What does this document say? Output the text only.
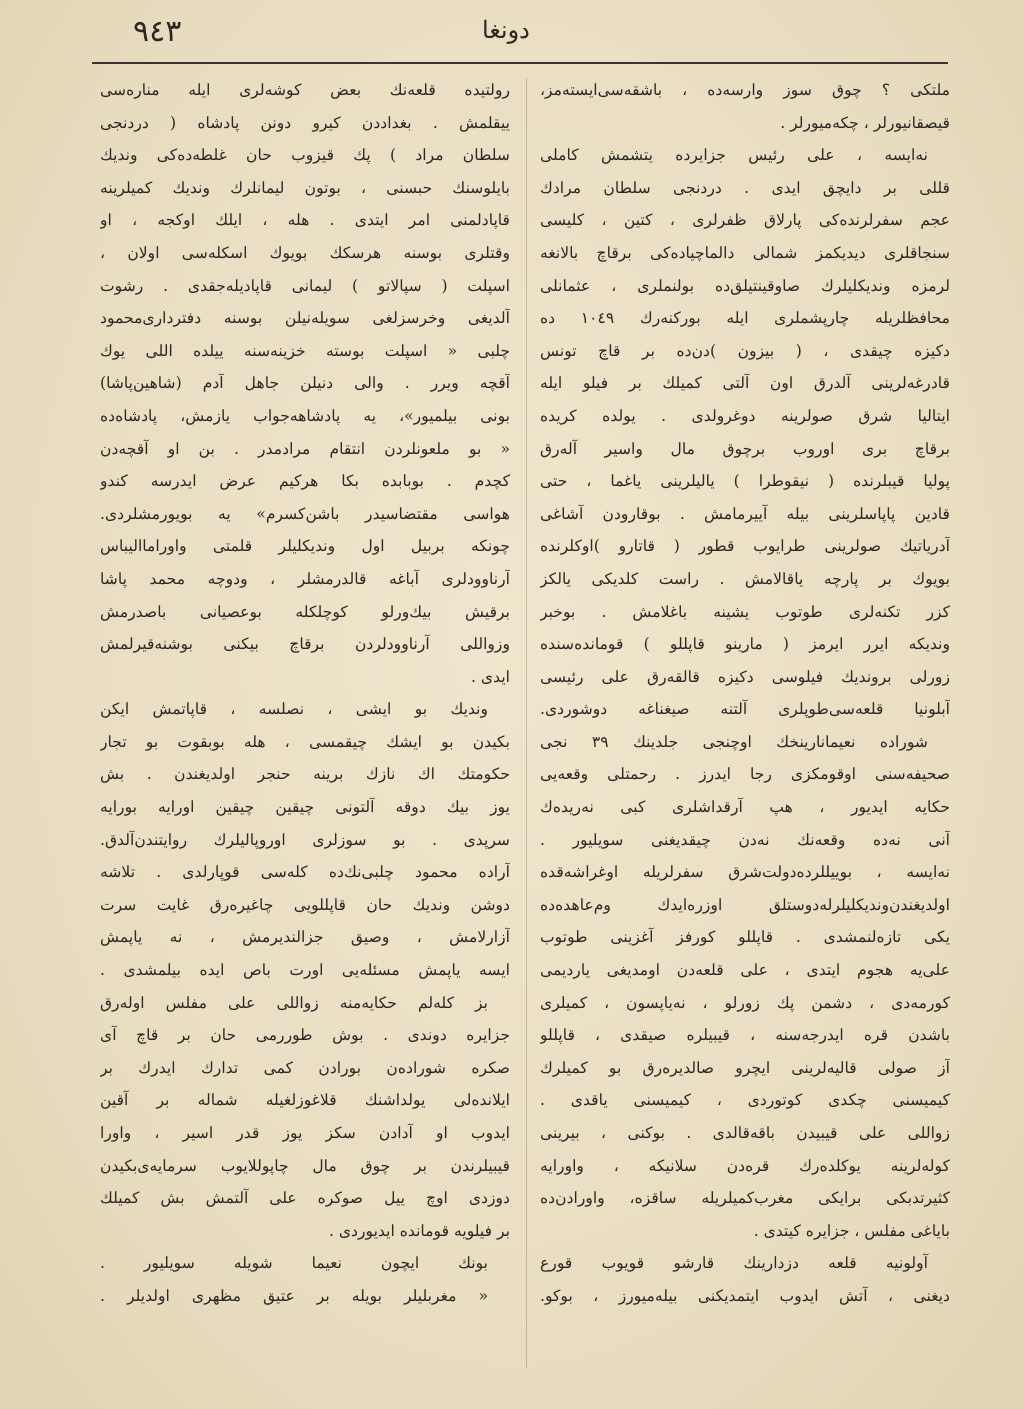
٣٤٩	دونغا
ملتکی ؟ چوق سوز وارسه‌ده ، باشقه‌سی‌ایسته‌مز،
قیصقانیورلر ، چکه‌میورلر .
نه‌ایسه ، علی رئیس جزایرده یتشمش کاملی
قللی بر دایچق ایدی . دردنجی سلطان مرادك
عجم سفرلرنده‌کی پارلاق ظفرلری ، کتین ، کلیسی
سنجاقلری دیدیکمز شمالی دالماچیاده‌کی برقاچ بالانغه‌
لرمزه وندیکلیلرك صاوقینتیلق‌ده بولنملری ، عثمانلی
محافظلریله چارپشملری ایله بورکنه‌رك ١٠٤٩ دە
دکیزه چیقدی ، ( بیزون )دن‌ده بر قاچ تونس
قادرغه‌لرینی آلدرق اون آلتی کمیلك بر فیلو ایله
ایتالیا شرق صولرینه دوغرولدی . یولده کریده
برقاچ بری اوروب برچوق مال واسیر آله‌رق
پولیا قیبلرنده ( نیقوطرا ) یالیلرینی یاغما ، حتی
قادین پاپاسلرینی بیله آییرمامش . بوقارودن آشاغی
آدریاتیك صولرینی طرایوب قطور ( قاتارو )اوکلرنده
بویوك بر پارچه یاقالامش . راست کلدیکی یالکز
کزر تکنه‌لری طوتوب یشینه باغلامش . بوخبر
وندیکه ایرر ایرمز ( مارینو قاپللو ) قوماندەسنده
زورلی بروندیك فیلوسی دکیزه قالقه‌رق علی رئیسی
آبلونیا قلعه‌سی‌طوپلری آلتنه صیغناغه دوشوردی.
شورادە نعیمانارینخك اوچنجی جلدینك ٣٩ نجی
صحیفه‌سنی اوقومکزی رجا ایدرز . رحمتلی وقعه‌یی
حکایه ایدیور ، هپ آرقداشلری کبی نه‌ریده‌ك
آنی نه‌ده وقعه‌نك نه‌دن چیقدیغنی سویلیور .
نه‌ایسه ، بوییللرده‌دولت‌شرق سفرلریله اوغراشه‌قده
اولدیغندن‌وندیکلیلرله‌دوستلق اوزره‌ایدك وم‌عاهده‌ده
یکی تازه‌لنمشدی . قاپللو کورفز آغزینی طوتوب
علی‌یه هجوم ایتدی ، علی قلعه‌دن اومدیغی یاردیمی
کورمەدی ، دشمن پك زورلو ، نه‌یاپسون ، کمیلری
باشدن قره ایدرجه‌سنه ، قیبیلره صیقدی ، قاپللو
آز صولی قالیه‌لرینی ایچرو صالدیره‌رق بو کمیلرك
کیمیسنی چکدی کوتوردی ، کیمیسنی یاقدی .
زواللی علی قیبیدن باقه‌قالدی . بوکنی ، بیرینی
کوله‌لرینه یوکلده‌رك قره‌دن سلانیکه ، واورایه
کثیرتدبکی برایکی مغرب‌کمیلریله ساقزه، واورادن‌ده
بایاغی مفلس ، جزایره کیتدی .
آولونیه قلعه دزدارینك قارشو قویوب قورع
دیغنی ، آتش ایدوب ایتمدیکنی بیله‌میورز ، بوکو.
رولتیده قلعه‌نك بعض کوشه‌لری ایله مناره‌سی
ییقلمش . بغداددن کیرو دونن پادشاه ( دردنجی
سلطان مراد ) پك قیزوب حان غلطه‌ده‌کی وندیك
بایلوسنك حبسنی ، بوتون لیمانلرك وندیك کمیلرینه
قاپادلمنی امر ایتدی . هله ، ایلك اوکجه ، او
وقتلری بوسنه هرسکك بویوك اسکله‌سی اولان ،
اسپلت ( سپالاتو ) لیمانی قاپادیلەجقدی . رشوت
آلدیغی وخرسزلغی سویله‌نیلن بوسنه دفترداری‌محمود
چلبی « اسپلت بوسته خزینه‌سنه ییلده اللی یوك
آقچه ویرر . والی دنیلن جاهل آدم (شاهین‌پاشا)
بونی بیلمیور»، یه پادشاهه‌جواب یازمش، پادشاه‌ده
« بو ملعونلردن انتقام مرادمدر . بن او آقچه‌دن
کچدم . بوبابده بکا هرکیم عرض ایدرسه کندو
هواسی مقتضاسیدر باشن‌کسرم» یه بویورمشلردی.
چونکه بربیل اول وندیکلیلر قلمتی واوراماالیباس
آرناوودلری آباغه قالدرمشلر ، ودوچه محمد پاشا
برقیش بیك‌ورلو کوچلکله بوعصیانی باصدرمش
وزواللی آرناوودلردن برقاچ بیکنی بوشنه‌قیرلمش
ایدی .
وندیك بو ایشی ، نصلسه ، قاپاتمش ایکن
بکیدن بو ایشك چیقمسی ، هله بوبقوت بو تجار
حکومتك اك نازك برینه حنجر اولدیغندن . بش
یوز بیك دوقه آلتونی چیقین چیقین اورایه بورایه
سرپدی . بو سوزلری اوروپالیلرك روایتندن‌آلدق.
آرادە محمود چلبی‌نك‌ده کله‌سی قوپارلدی . تلاشه
دوشن وندیك حان قاپللویی چاغیره‌رق غایت سرت
آزارلامش ، وصیق جزالندیرمش ، نه یاپمش
ایسه یاپمش مسئله‌یی اورت باص ایده بیلمشدی .
بز کلەلم حکایه‌منه زواللی علی مفلس اوله‌رق
جزایره دوندی . بوش طوررمی حان بر قاچ آی
صکره شوراده‌ن بورادن کمی تدارك ایدرك بر
ایلاندەلی یولداشنك قلاغوزلغیله شماله بر آقین
ایدوب او آدادن سکز یوز قدر اسیر ، واورا
قیبیلرندن بر چوق مال چاپوللایوب سرمایه‌ی‌بکیدن
دوزدی اوچ ییل صوکره علی آلتمش بش کمیلك
بر فیلویه قوماندە ایدیوردی .
بونك ایچون نعیما شویله سویلیور .
« مغربلیلر بویله بر عتیق مظهری اولدیلر .
